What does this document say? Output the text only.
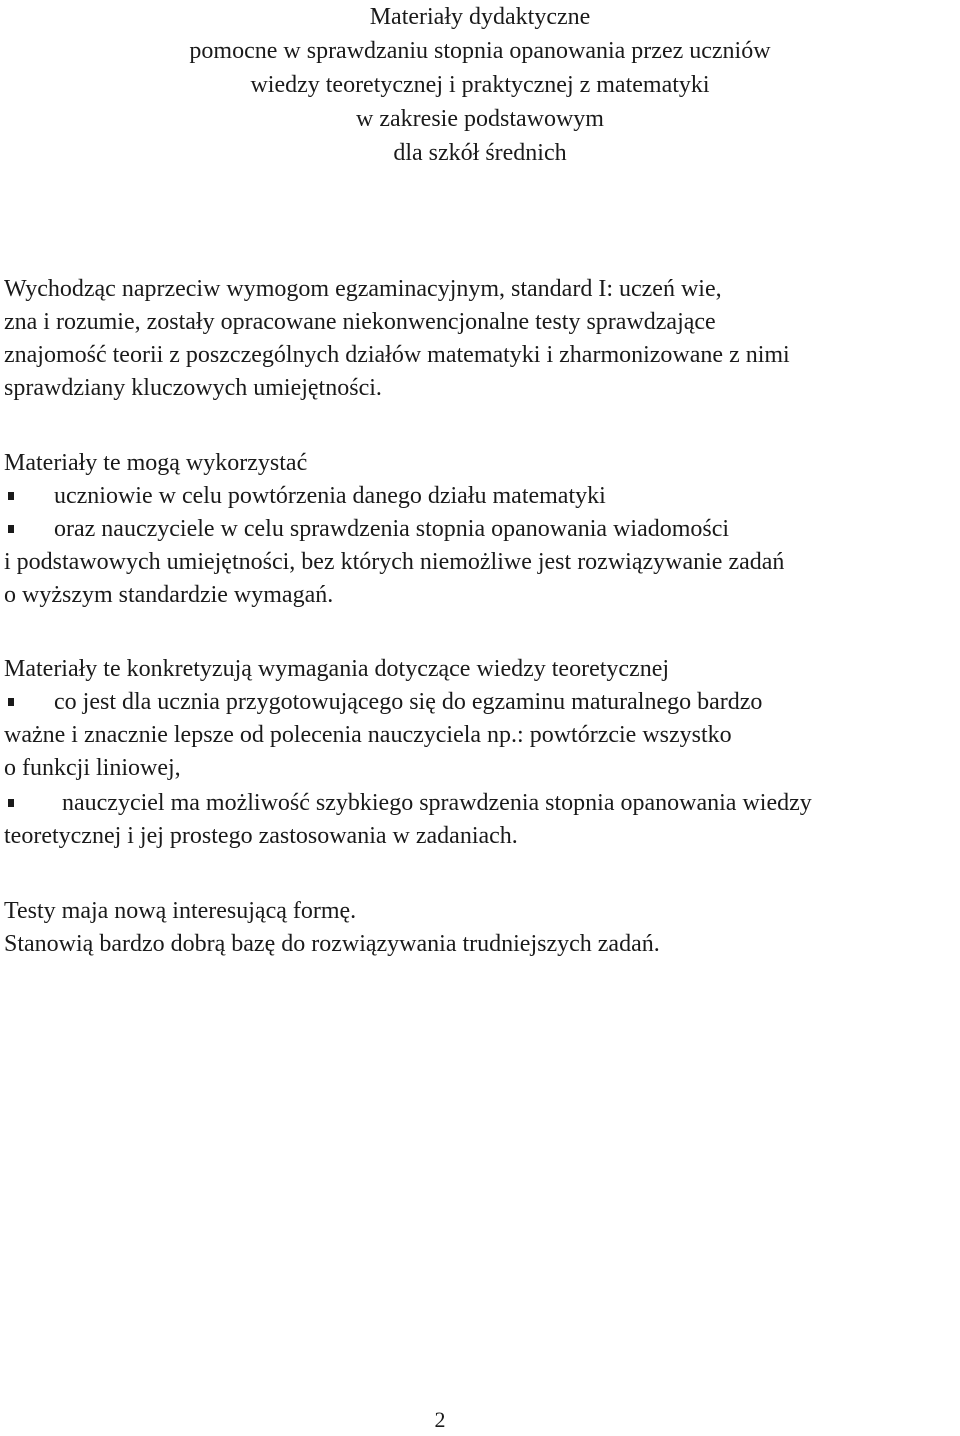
Materiały dydaktyczne
pomocne w sprawdzaniu stopnia opanowania przez uczniów
wiedzy teoretycznej i praktycznej z matematyki
w zakresie podstawowym
dla szkół średnich
Wychodząc naprzeciw wymogom egzaminacyjnym, standard I: uczeń wie,
zna i rozumie, zostały opracowane niekonwencjonalne testy sprawdzające
znajomość teorii z poszczególnych działów matematyki i zharmonizowane z nimi
sprawdziany kluczowych umiejętności.
Materiały te mogą wykorzystać
uczniowie w celu powtórzenia danego działu matematyki
oraz nauczyciele w celu sprawdzenia stopnia opanowania wiadomości
i podstawowych umiejętności, bez których niemożliwe jest rozwiązywanie zadań
o wyższym standardzie wymagań.
Materiały te konkretyzują wymagania dotyczące wiedzy teoretycznej
co jest dla ucznia przygotowującego się do egzaminu maturalnego bardzo
ważne i znacznie lepsze od polecenia nauczyciela np.: powtórzcie wszystko
o funkcji liniowej,
nauczyciel ma możliwość szybkiego sprawdzenia stopnia opanowania wiedzy
teoretycznej i jej prostego zastosowania w zadaniach.
Testy maja nową interesującą formę.
Stanowią bardzo dobrą bazę do rozwiązywania trudniejszych zadań.
2
